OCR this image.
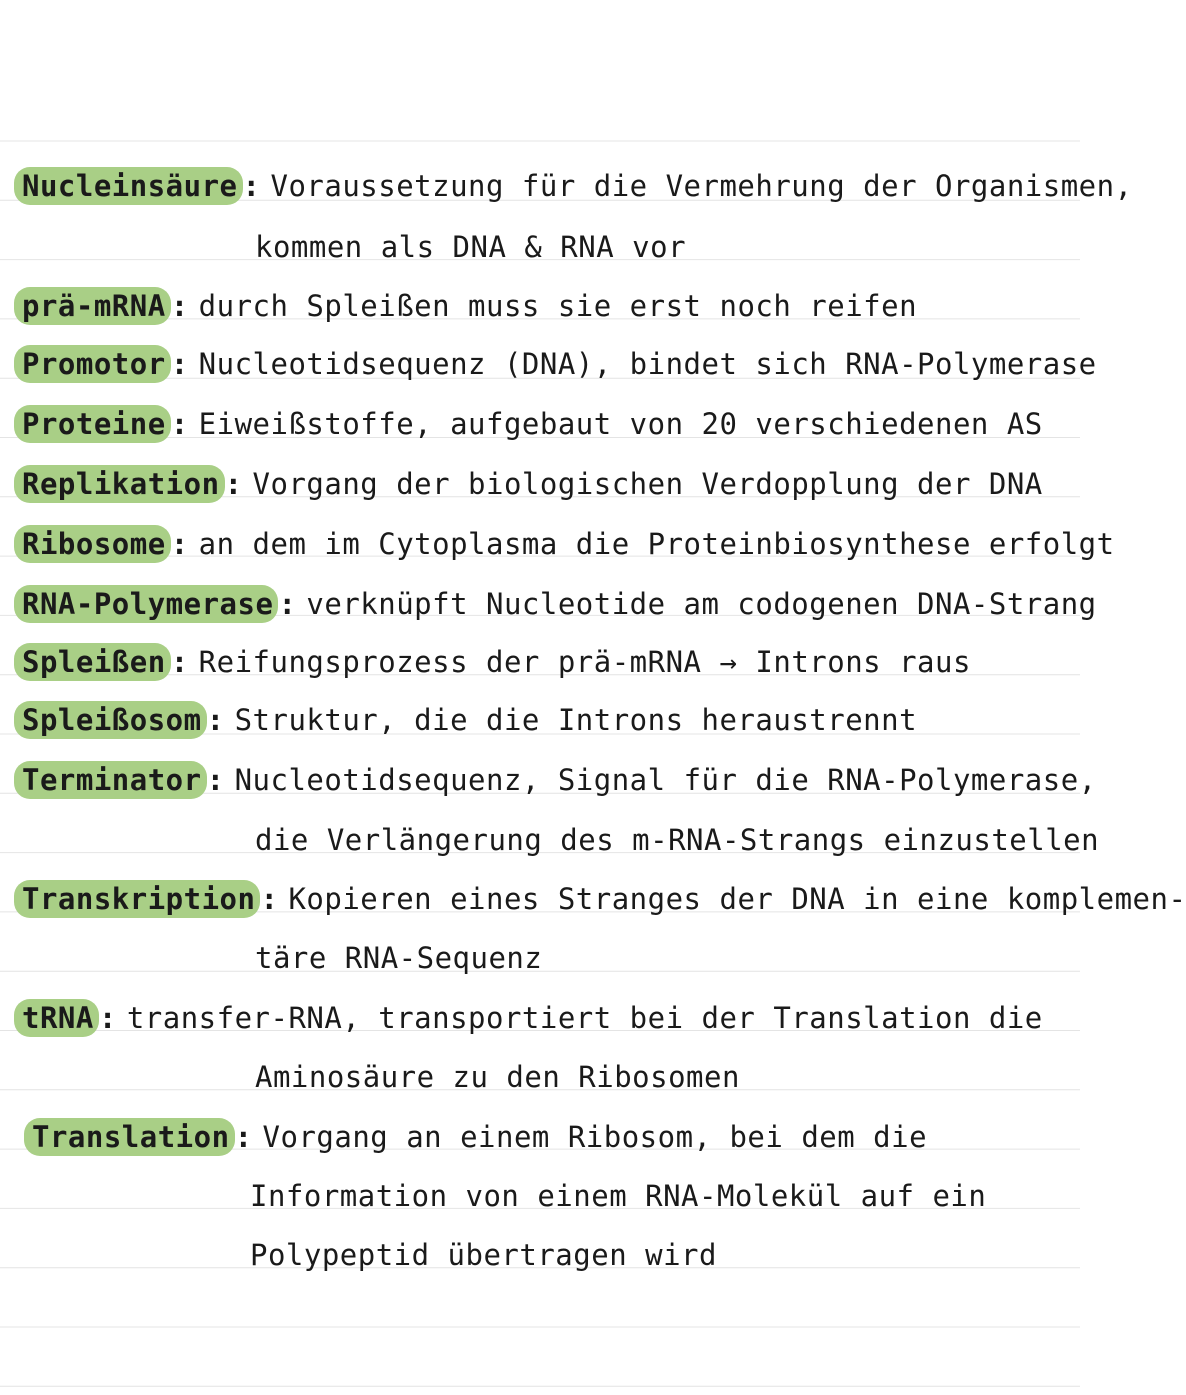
Nucleinsäure : Voraussetzung für die Vermehrung der Organismen,
kommen als DNA & RNA vor
prä-mRNA : durch Spleißen muss sie erst noch reifen
Promotor : Nucleotidsequenz (DNA), bindet sich RNA-Polymerase
Proteine : Eiweißstoffe, aufgebaut von 20 verschiedenen AS
Replikation : Vorgang der biologischen Verdopplung der DNA
Ribosome : an dem im Cytoplasma die Proteinbiosynthese erfolgt
RNA-Polymerase : verknüpft Nucleotide am codogenen DNA-Strang
Spleißen : Reifungsprozess der prä-mRNA → Introns raus
Spleißosom : Struktur, die die Introns heraustrennt
Terminator : Nucleotidsequenz, Signal für die RNA-Polymerase,
die Verlängerung des m-RNA-Strangs einzustellen
Transkription : Kopieren eines Stranges der DNA in eine komplemen-
täre RNA-Sequenz
tRNA : transfer-RNA, transportiert bei der Translation die
Aminosäure zu den Ribosomen
Translation : Vorgang an einem Ribosom, bei dem die
Information von einem RNA-Molekül auf ein
Polypeptid übertragen wird
